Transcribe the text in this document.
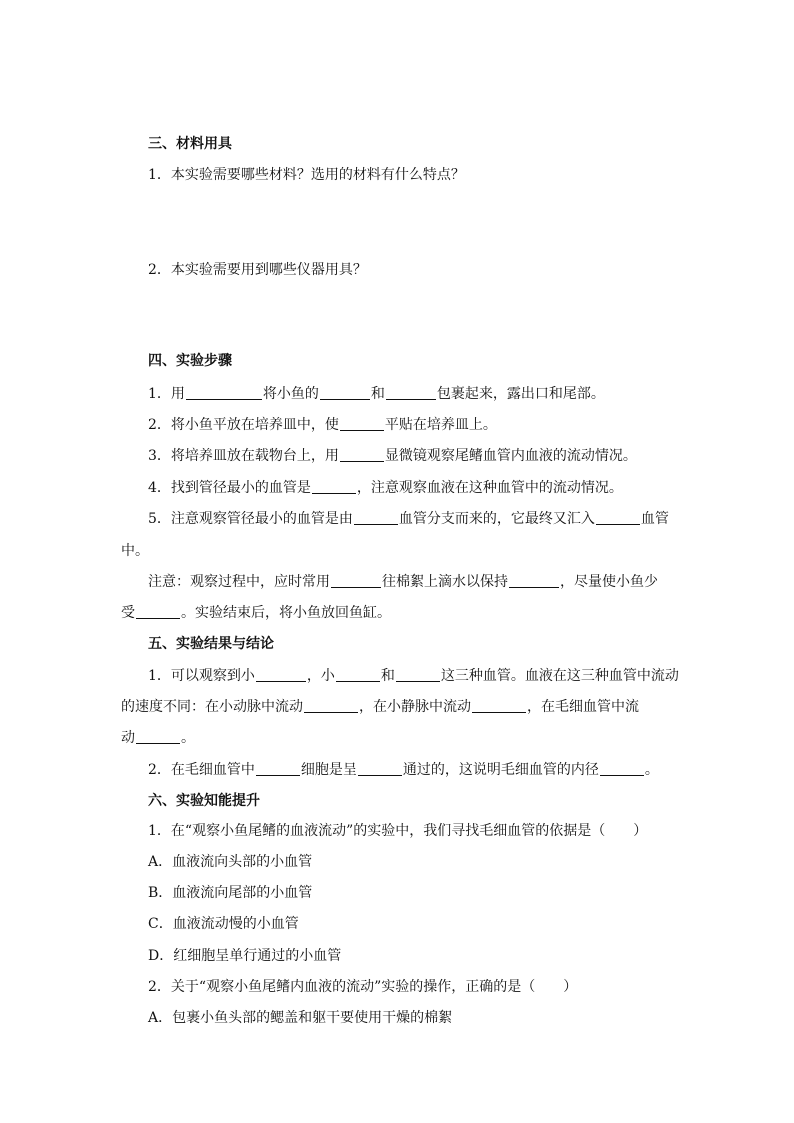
三、材料用具
1．本实验需要哪些材料？选用的材料有什么特点？
2．本实验需要用到哪些仪器用具？
四、实验步骤
1．用	将小鱼的	和	包裹起来，露出口和尾部。
2．将小鱼平放在培养皿中，使	平贴在培养皿上。
3．将培养皿放在载物台上，用	显微镜观察尾鳍血管内血液的流动情况。
4．找到管径最小的血管是	，注意观察血液在这种血管中的流动情况。
5．注意观察管径最小的血管是由	血管分支而来的，它最终又汇入	血管
中。
注意：观察过程中，应时常用	往棉絮上滴水以保持	，尽量使小鱼少
受	。实验结束后，将小鱼放回鱼缸。
五、实验结果与结论
1．可以观察到小	，小	和	这三种血管。血液在这三种血管中流动
的速度不同：在小动脉中流动	，在小静脉中流动	，在毛细血管中流
动	。
2．在毛细血管中	细胞是呈	通过的，这说明毛细血管的内径	。
六、实验知能提升
1．在“观察小鱼尾鳍的血液流动”的实验中，我们寻找毛细血管的依据是（　　）
A．血液流向头部的小血管
B．血液流向尾部的小血管
C．血液流动慢的小血管
D．红细胞呈单行通过的小血管
2．关于“观察小鱼尾鳍内血液的流动”实验的操作，正确的是（　　）
A．包裹小鱼头部的鳃盖和躯干要使用干燥的棉絮
